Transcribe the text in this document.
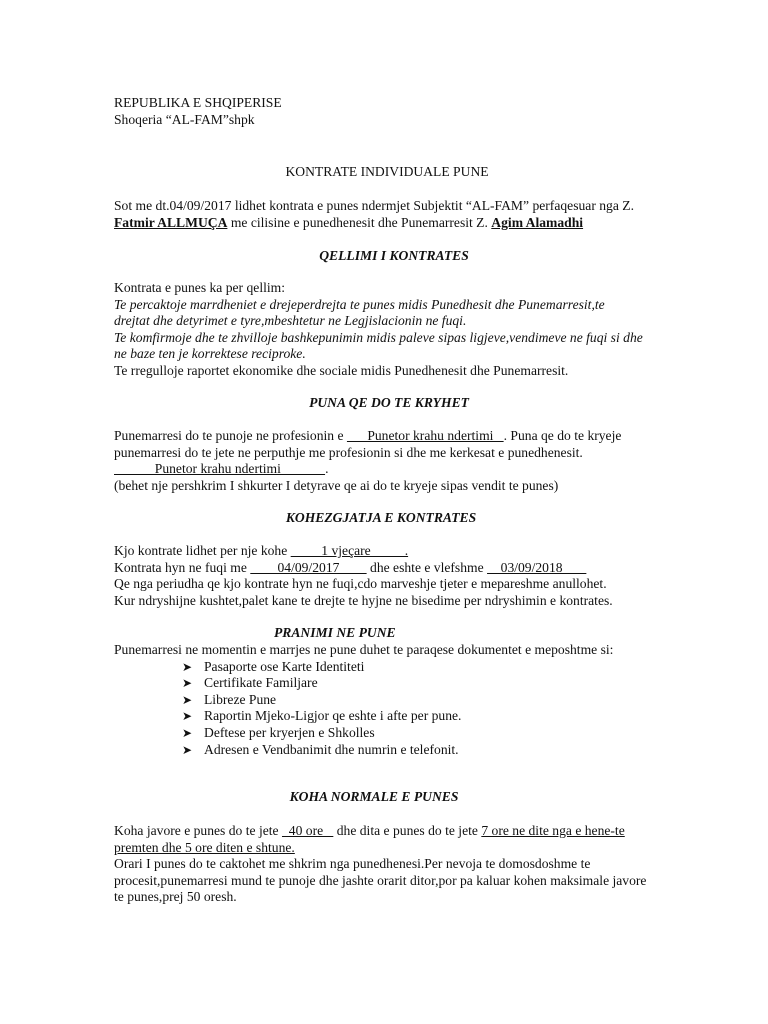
REPUBLIKA E SHQIPERISE
Shoqeria “AL-FAM”shpk
KONTRATE INDIVIDUALE PUNE
Sot me dt.04/09/2017 lidhet kontrata e punes ndermjet Subjektit “AL-FAM” perfaqesuar nga Z.
Fatmir ALLMUÇA me cilisine e punedhenesit dhe Punemarresit Z. Agim Alamadhi
QELLIMI I KONTRATES
Kontrata e punes ka per qellim:
Te percaktoje marrdheniet e drejeperdrejta te punes midis Punedhesit dhe Punemarresit,te
drejtat dhe detyrimet e tyre,mbeshtetur ne Legjislacionin ne fuqi.
Te komfirmoje dhe te zhvilloje bashkepunimin midis paleve sipas ligjeve,vendimeve ne fuqi si dhe
ne baze ten je korrektese reciproke.
Te rregulloje raportet ekonomike dhe sociale midis Punedhenesit dhe Punemarresit.
PUNA QE DO TE KRYHET
Punemarresi do te punoje ne profesionin e       Punetor krahu ndertimi   . Puna qe do te kryeje
punemarresi do te jete ne perputhje me profesionin si dhe me kerkesat e punedhenesit.
Punetor krahu ndertimi             .
(behet nje pershkrim I shkurter I detyrave qe ai do te kryeje sipas vendit te punes)
KOHEZGJATJA E KONTRATES
Kjo kontrate lidhet per nje kohe          1 vjeçare          .
Kontrata hyn ne fuqi me         04/09/2017         dhe eshte e vlefshme     03/09/2018
Qe nga periudha qe kjo kontrate hyn ne fuqi,cdo marveshje tjeter e mepareshme anullohet.
Kur ndryshijne kushtet,palet kane te drejte te hyjne ne bisedime per ndryshimin e kontrates.
PRANIMI NE PUNE
Punemarresi ne momentin e marrjes ne pune duhet te paraqese dokumentet e meposhtme si:
➤ Pasaporte ose Karte Identiteti
➤ Certifikate Familjare
➤ Libreze Pune
➤ Raportin Mjeko-Ligjor qe eshte i afte per pune.
➤ Deftese per kryerjen e Shkolles
➤ Adresen e Vendbanimit dhe numrin e telefonit.
KOHA NORMALE E PUNES
Koha javore e punes do te jete   40 ore    dhe dita e punes do te jete 7 ore ne dite nga e hene-te
premten dhe 5 ore diten e shtune.
Orari I punes do te caktohet me shkrim nga punedhenesi.Per nevoja te domosdoshme te
procesit,punemarresi mund te punoje dhe jashte orarit ditor,por pa kaluar kohen maksimale javore
te punes,prej 50 oresh.
